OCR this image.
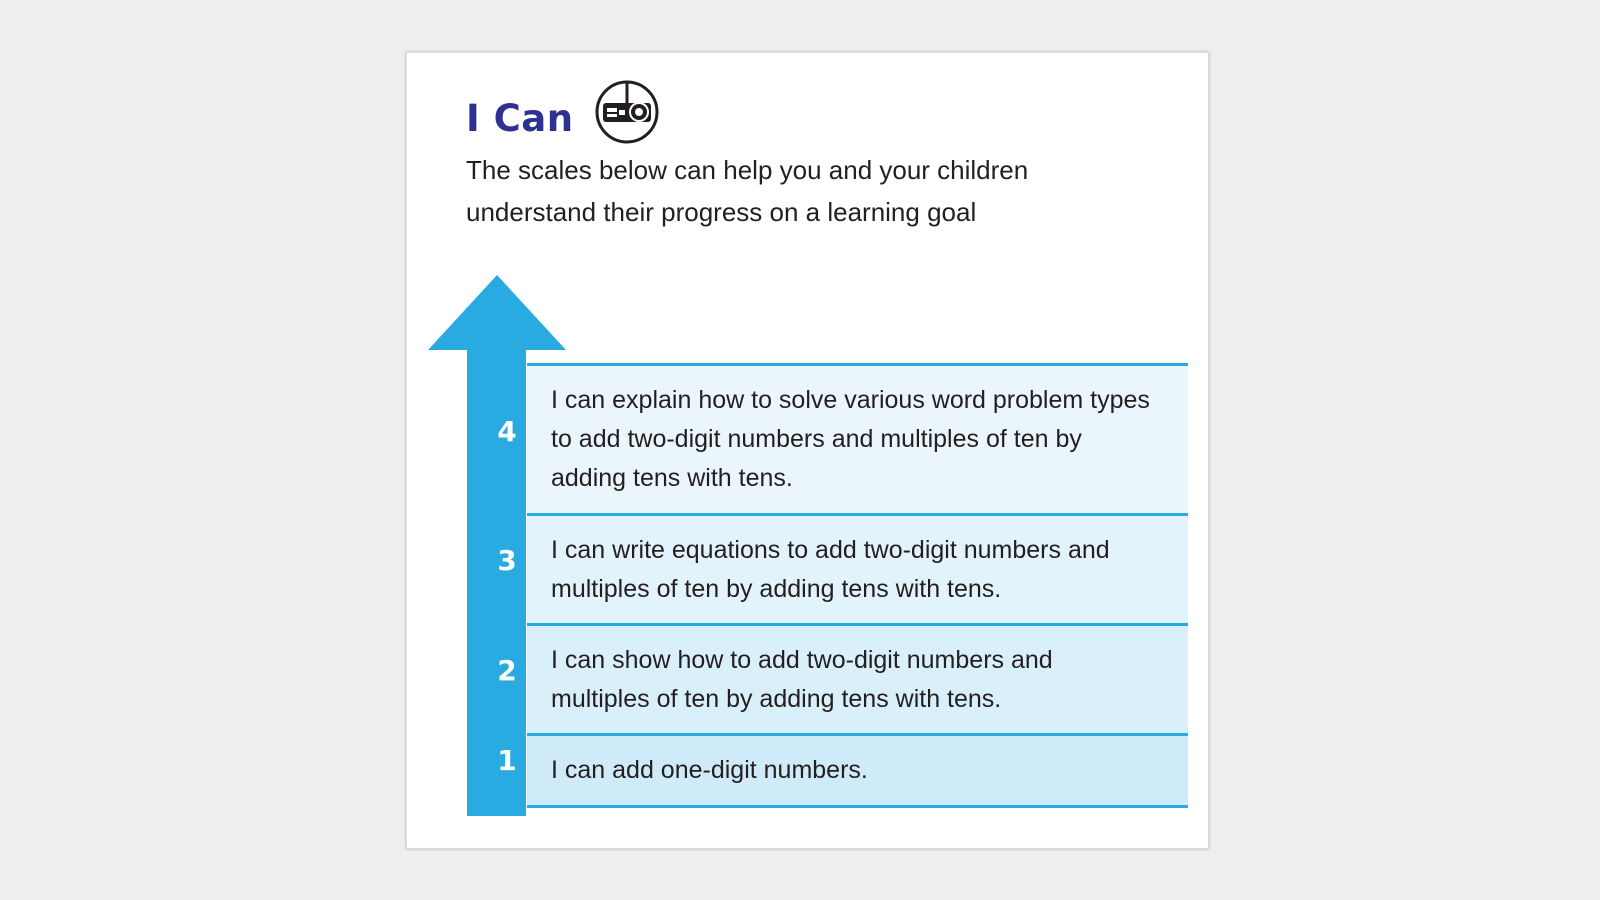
I Can

The scales below can help you and your children understand their progress on a learning goal

I can explain how to solve various word problem types to add two-digit numbers and multiples of ten by adding tens with tens.
I can write equations to add two-digit numbers and multiples of ten by adding tens with tens.
I can show how to add two-digit numbers and multiples of ten by adding tens with tens.
I can add one-digit numbers.
4
3
2
1
